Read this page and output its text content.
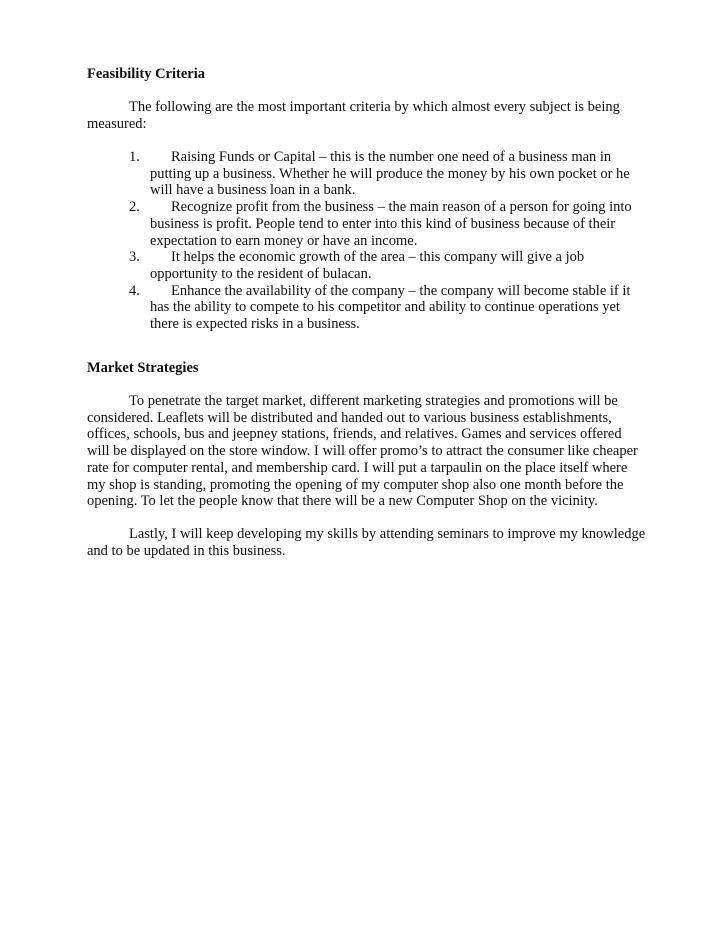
Feasibility Criteria

The following are the most important criteria by which almost every subject is being measured:

1.	Raising Funds or Capital – this is the number one need of a business man in putting up a business. Whether he will produce the money by his own pocket or he will have a business loan in a bank.
2.	Recognize profit from the business – the main reason of a person for going into business is profit. People tend to enter into this kind of business because of their expectation to earn money or have an income.
3.	It helps the economic growth of the area – this company will give a job opportunity to the resident of bulacan.
4.	Enhance the availability of the company – the company will become stable if it has the ability to compete to his competitor and ability to continue operations yet there is expected risks in a business.
Market Strategies

To penetrate the target market, different marketing strategies and promotions will be considered. Leaflets will be distributed and handed out to various business establishments, offices, schools, bus and jeepney stations, friends, and relatives. Games and services offered will be displayed on the store window. I will offer promo’s to attract the consumer like cheaper rate for computer rental, and membership card. I will put a tarpaulin on the place itself where my shop is standing, promoting the opening of my computer shop also one month before the opening. To let the people know that there will be a new Computer Shop on the vicinity.

Lastly, I will keep developing my skills by attending seminars to improve my knowledge and to be updated in this business.
